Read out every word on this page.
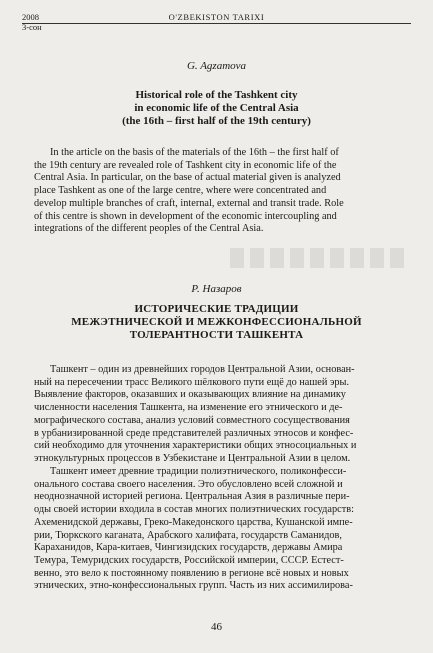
2008	O'ZBEKISTON TARIXI
3-сон
G. Agzamova
Historical role of the Tashkent city
in economic life of the Central Asia
(the 16th – first half of the 19th century)
In the article on the basis of the materials of the 16th – the first half of
the 19th century are revealed role of Tashkent city in economic life of the
Central Asia. In particular, on the base of actual material given is analyzed
place Tashkent as one of the large centre, where were concentrated and
develop multiple branches of craft, internal, external and transit trade. Role
of this centre is shown in development of the economic intercoupling and
integrations of the different peoples of the Central Asia.
Р. Назаров
ИСТОРИЧЕСКИЕ ТРАДИЦИИ
МЕЖЭТНИЧЕСКОЙ И МЕЖКОНФЕССИОНАЛЬНОЙ
ТОЛЕРАНТНОСТИ ТАШКЕНТА
Ташкент – один из древнейших городов Центральной Азии, основан-
ный на пересечении трасс Великого шёлкового пути ещё до нашей эры.
Выявление факторов, оказавших и оказывающих влияние на динамику
численности населения Ташкента, на изменение его этнического и де-
мографического состава, анализ условий совместного сосуществования
в урбанизированной среде представителей различных этносов и конфес-
сий необходимо для уточнения характеристики общих этносоциальных и
этнокультурных процессов в Узбекистане и Центральной Азии в целом.
Ташкент имеет древние традиции полиэтнического, поликонфесси-
онального состава своего населения. Это обусловлено всей сложной и
неоднозначной историей региона. Центральная Азия в различные пери-
оды своей истории входила в состав многих полиэтнических государств:
Ахеменидской державы, Греко-Македонского царства, Кушанской импе-
рии, Тюркского каганата, Арабского халифата, государств Саманидов,
Караханидов, Кара-китаев, Чингизидских государств, державы Амира
Темура, Темуридских государств, Российской империи, СССР. Естест-
венно, это вело к постоянному появлению в регионе всё новых и новых
этнических, этно-конфессиональных групп. Часть из них ассимилирова-
46
